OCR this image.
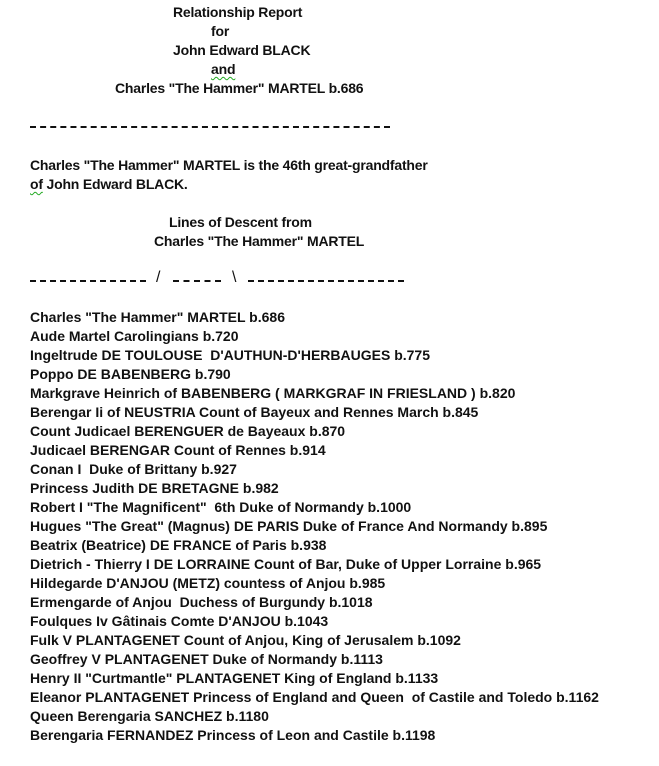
Relationship Report
for
John Edward BLACK
and
Charles "The Hammer" MARTEL b.686
Charles "The Hammer" MARTEL is the 46th great-grandfather
of John Edward BLACK.
Lines of Descent from
Charles "The Hammer" MARTEL
/	\
Charles "The Hammer" MARTEL b.686
Aude Martel Carolingians b.720
Ingeltrude DE TOULOUSE  D'AUTHUN-D'HERBAUGES b.775
Poppo DE BABENBERG b.790
Markgrave Heinrich of BABENBERG ( MARKGRAF IN FRIESLAND ) b.820
Berengar Ii of NEUSTRIA Count of Bayeux and Rennes March b.845
Count Judicael BERENGUER de Bayeaux b.870
Judicael BERENGAR Count of Rennes b.914
Conan I  Duke of Brittany b.927
Princess Judith DE BRETAGNE b.982
Robert I "The Magnificent"  6th Duke of Normandy b.1000
Hugues "The Great" (Magnus) DE PARIS Duke of France And Normandy b.895
Beatrix (Beatrice) DE FRANCE of Paris b.938
Dietrich - Thierry I DE LORRAINE Count of Bar, Duke of Upper Lorraine b.965
Hildegarde D'ANJOU (METZ) countess of Anjou b.985
Ermengarde of Anjou  Duchess of Burgundy b.1018
Foulques Iv Gâtinais Comte D'ANJOU b.1043
Fulk V PLANTAGENET Count of Anjou, King of Jerusalem b.1092
Geoffrey V PLANTAGENET Duke of Normandy b.1113
Henry II "Curtmantle" PLANTAGENET King of England b.1133
Eleanor PLANTAGENET Princess of England and Queen  of Castile and Toledo b.1162
Queen Berengaria SANCHEZ b.1180
Berengaria FERNANDEZ Princess of Leon and Castile b.1198
